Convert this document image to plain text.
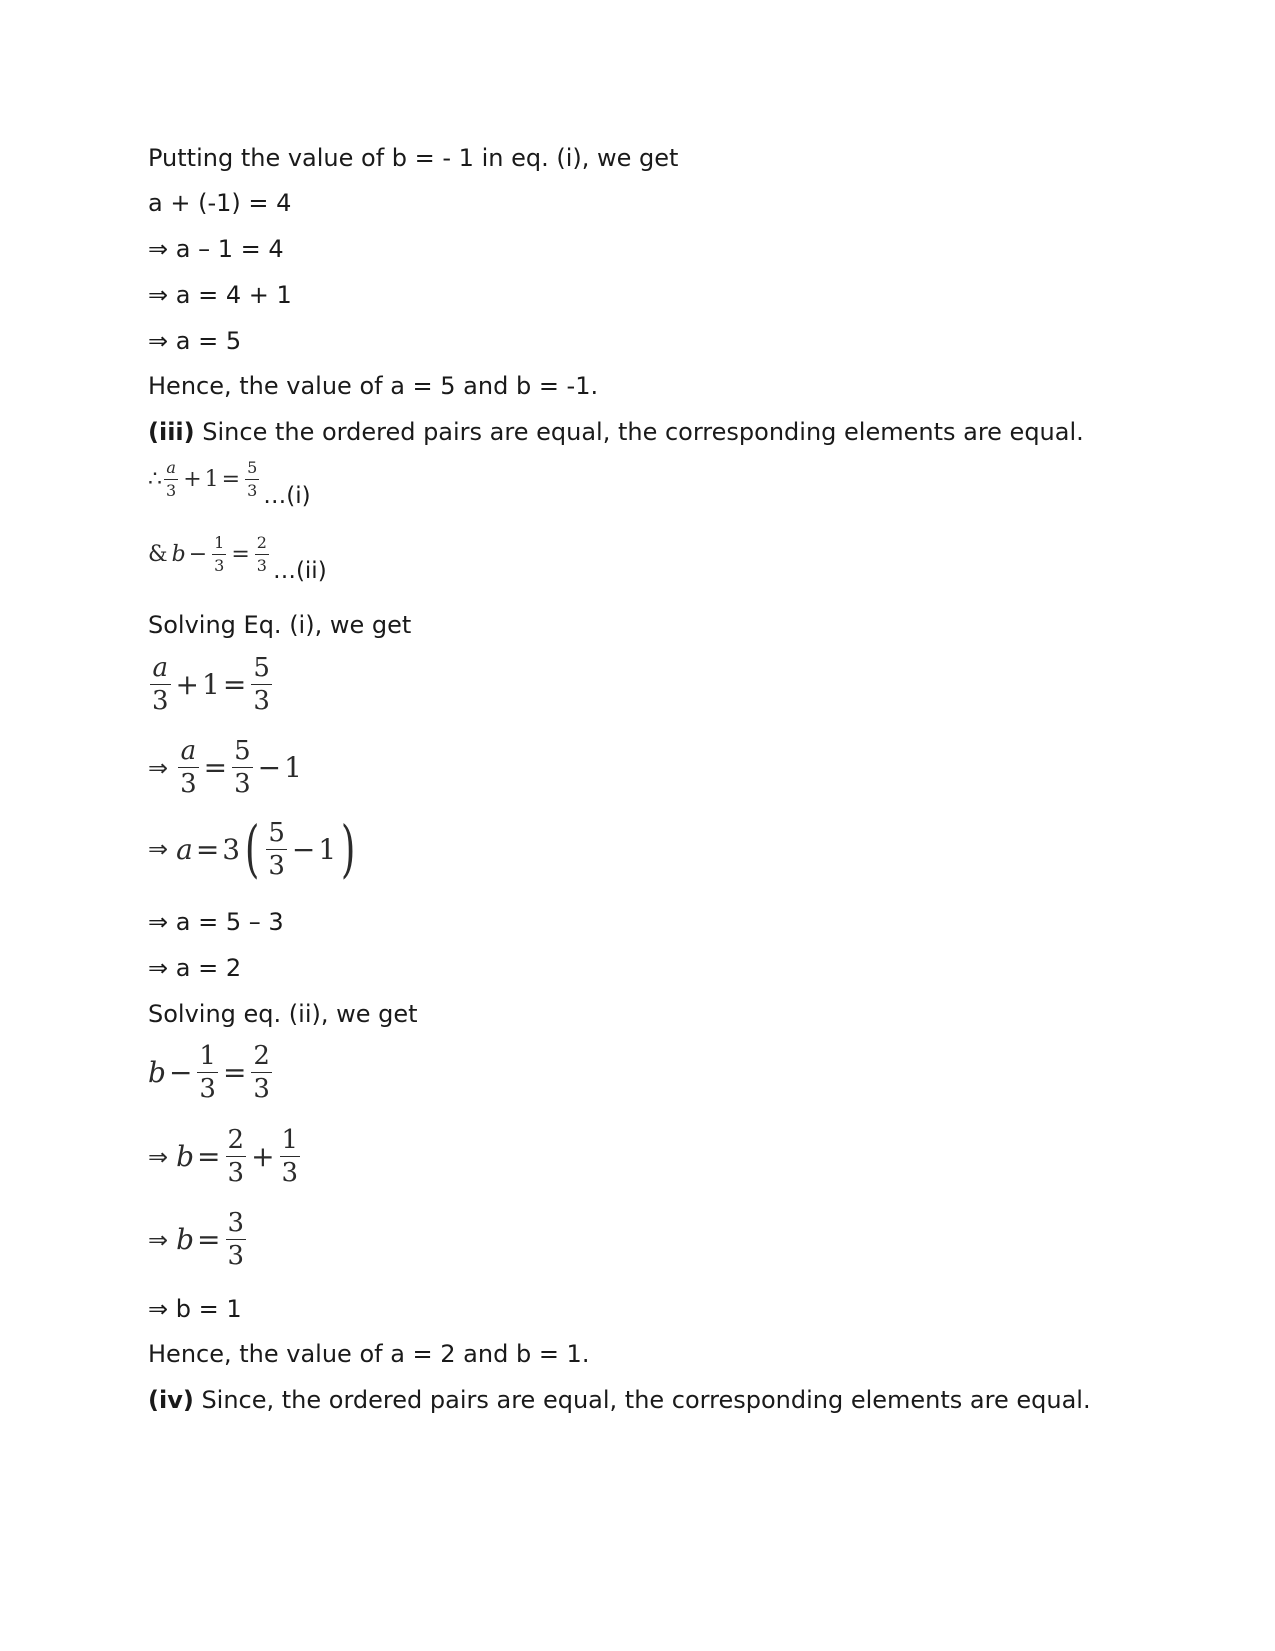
Putting the value of b = - 1 in eq. (i), we get
a + (-1) = 4
⇒ a – 1 = 4
⇒ a = 4 + 1
⇒ a = 5
Hence, the value of a = 5 and b = -1.
(iii) Since the ordered pairs are equal, the corresponding elements are equal.
∴ $\frac{a}{3} + 1 = \frac{5}{3}$ …(i)
& $b - \frac{1}{3} = \frac{2}{3}$ …(ii)
Solving Eq. (i), we get
$\frac{a}{3} + 1 = \frac{5}{3}$
⇒ $\frac{a}{3} = \frac{5}{3} - 1$
⇒ a = 3 ( $\frac{5}{3} - 1$ )
⇒ a = 5 – 3
⇒ a = 2
Solving eq. (ii), we get
$b - \frac{1}{3} = \frac{2}{3}$
⇒ $b = \frac{2}{3} + \frac{1}{3}$
⇒ $b = \frac{3}{3}$
⇒ b = 1
Hence, the value of a = 2 and b = 1.
(iv) Since, the ordered pairs are equal, the corresponding elements are equal.
